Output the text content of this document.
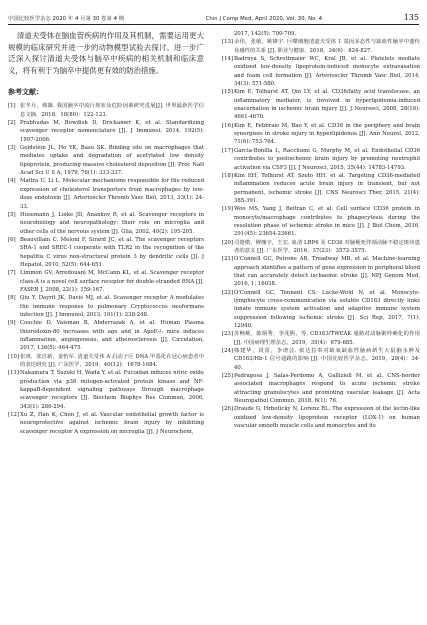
中国比较医学杂志 2020 年 4 月第 30 卷第 4 期	Chin J Comp Med, April 2020, Vol. 30, No. 4	135

清道夫受体在脑血管疾病的作用及其机制，需要运用更大规模的临床研究并进一步的动物模型试验去探讨。进一步广泛深入探讨清道夫受体与脑卒中疾病的相关机制和临床意义，将有利于为脑卒中提供更有效的防治措施。

参考文献：
[1] 张冬月，韩薇. 我国脑卒中流行现状及危险因素研究进展[J]. 世界最新医学信息文摘，2018，18(80)：122-123.
[2] Prabhudas M, Bowdish D, Drickamer K, et al. Standardizing scavenger receptor nomenclature [J]. J Immunol, 2014, 192(5): 1997-2006.
[3] Goldstein JL, Ho YK, Basu SK. Binding site on macrophages that mediates uptake and degradation of acetylated low density lipoprotein, producing massive cholesterol deposition [J]. Proc Natl Acad Sci U S A, 1979, 76(1): 333-337.
[4] Maitra U, Li L. Molecular mechanisms responsible for the reduced expression of cholesterol transporters from macrophages by low-dose endotoxin [J]. Arterioscler Thromb Vasc Biol, 2013, 33(1): 24-33.
[5] Husemann J, Loike JD, Anankov R, et al. Scavenger receptors in neurobiology and neuropathology: their role on microglia and other cells of the nervous system [J]. Glia, 2002, 40(2): 195-205.
[6] Beauvillain C, Meloni F, Sirard JC, et al. The scavenger receptors SRA-1 and SREC-I cooperate with TLR2 in the recognition of the hepatitis C virus non-structural protein 3 by dendritic cells [J]. J Hepatol, 2010, 52(5): 644-651.
[7] Limmon GV, Arredouani M, McCann KL, et al. Scavenger receptor class-A is a novel cell surface receptor for double-stranded RNA [J]. FASEB J, 2008, 22(1): 159-167.
[8] Qiu Y, Dayrit JK, Davis MJ, et al. Scavenger receptor A modulates the immune response to pulmonary Cryptococcus neoformans infection [J]. J Immunol, 2013, 191(1): 238-248.
[9] Couchie D, Vaisman B, Abderrazak A, et al. Human Plasma thioredoxin-80 increases with age and in ApoE-/- mice induces inflammation, angiogenesis, and atherosclerosis [J]. Circulation, 2017, 136(5): 464-475.
[10] 张靖，张自新，姜怡军. 清道夫受体 A 启动子区 DNA 甲基化在冠心病患者中的表达研究 [J]. 广东医学，2019，40(12)：1678-1684.
[11] Nakamura T, Suzuki H, Wada Y, et al. Fucoidan induces nitric oxide production via p38 mitogen-activated protein kinase and NF-kappaB-dependent signaling pathways through macrophage scavenger receptors [J]. Biochem Biophys Res Commun, 2006, 343(1): 286-294.
[12] Xu Z, Han K, Chen J, et al. Vascular endothelial growth factor is neuroprotective against ischemic brain injury by inhibiting scavenger receptor A expression on microglia [J]. J Neurochem,
2017, 142(5): 700-709.
[13] 余伟，张敏，姚锋宇. 巨噬细胞清道夫受体 1 基因多态性与缺血性脑卒中遗传易感性的关系 [J]. 职业与健康，2018，34(6)：824-827.
[14] Badrnya S, Schrottmaier WC, Kral JB, et al. Platelets mediate oxidized low-density lipoprotein-induced monocyte extravasation and foam cell formation [J]. Arterioscler Thromb Vasc Biol, 2014, 34(3): 571-580.
[15] Kim E, Tolhurst AT, Qin LY, et al. CD36/fatty acid translocase, an inflammatory mediator, is involved in hyperlipidemia-induced exacerbation in ischemic brain injury [J]. J Neurosci, 2008, 28(18): 4661-4670.
[16] Kim E, Febbraio M, Bao Y, et al. CD36 in the periphery and brain synergizes in stroke injury in hyperlipidemia [J]. Ann Neurol, 2012, 71(6): 753-764.
[17] Garcia-Bonilla L, Racchumi G, Murphy M, et al. Endothelial CD36 contributes to postischemic brain injury by promoting neutrophil activation via CSF3 [J]. J Neurosci, 2015, 35(44): 14783-14793.
[18] Kim EH, Tolhurst AT, Szeto HH, et al. Targeting CD36-mediated inflammation reduces acute brain injury in transient, but not permanent, ischemic stroke [J]. CNS Neurosci Ther, 2015, 21(4): 385-391.
[19] Woo MS, Yang J, Beltran C, et al. Cell surface CD36 protein in monocyte/macrophage contributes to phagocytosis during the resolution phase of ischemic stroke in mice [J]. J Biol Chem, 2016, 291(45): 23654-23661.
[20] 司楚楷，穆瑰宇，王宏. 血清 LRP6 及 CD36 对脑梗死伴颈动脉不稳定斑块患者的意义 [J]. 广东医学，2016，37(23)：3572-3575.
[21] O'Connell GC, Petrone AB, Treadway MB, et al. Machine-learning approach identifies a pattern of gene expression in peripheral blood that can accurately detect ischaemic stroke [J]. NPJ Genom Med, 2016, 1: 16038.
[22] O'Connell GC, Tennant CS, Lucke-Wold N, et al. Monocyte-lymphocyte cross-communication via soluble CD163 directly links innate immune system activation and adaptive immune system suppression following ischemic stroke [J]. Sci Rep, 2017, 7(1): 12940.
[23] 苏畅桃，陈炳秀，李兆熙，等. CD163/TWEAK 通路对动脉粥样硬化的作用 [J]. 中国病理生理杂志，2019，35(4)：679-685.
[24] 韩建华，段雷，李谱芸. 依达拉奉对缺氧缺血性脑病新生大鼠脑水肿及 CD163/Hb-1 信号通路的影响 [J]. 中国比较医学杂志，2019，29(4)：34-40.
[25] Pedragosa J, Salas-Perdomo A, Gallizioli M, et al. CNS-border associated macrophages respond to acute ischemic stroke attracting granulocytes and promoting vascular leakage [J]. Acta Neuropathol Commun, 2018, 6(1): 76.
[26] Draude G, Hrboticky N, Lorenz RL. The expression of the lectin-like oxidized low-density lipoprotein receptor (LOX-1) on human vascular smooth muscle cells and monocytes and its
